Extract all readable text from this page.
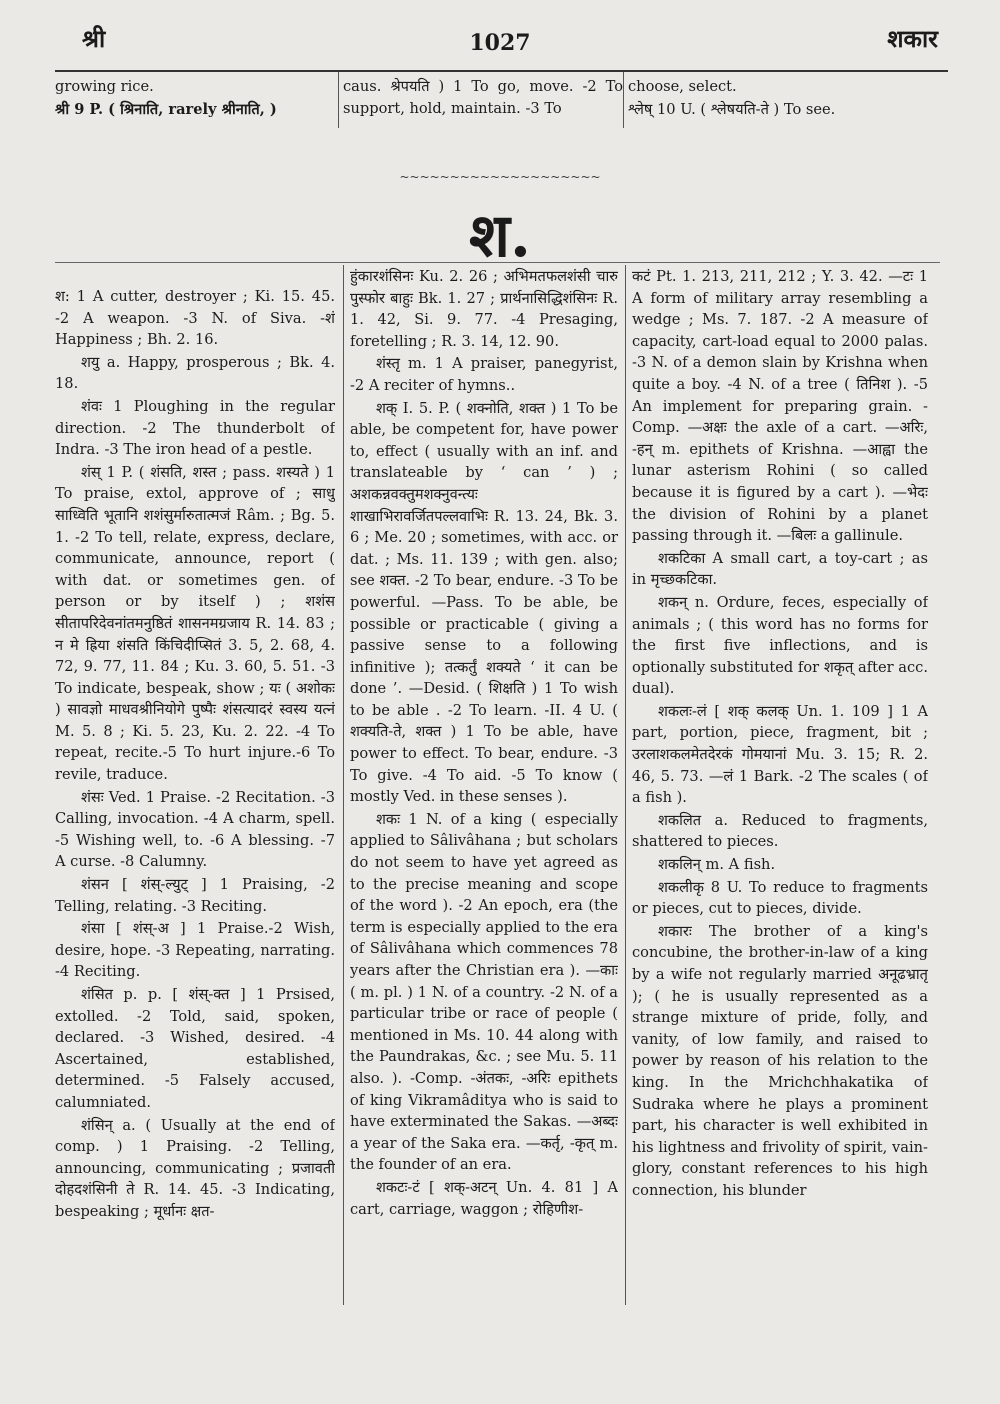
श्री	1027	शकार

growing rice.

श्री 9 P. ( श्रिनाति, rarely श्रीनाति, )

caus. श्रेपयति ) 1 To go, move. -2 To support, hold, maintain. -3 To

choose, select.

श्लेष् 10 U. ( श्लेषयति-ते ) To see.

~~~~~~~~~~~~~~~~~~~~
श.

श: 1 A cutter, destroyer ; Ki. 15. 45. -2 A weapon. -3 N. of Siva. -शं Happiness ; Bh. 2. 16.

शयु a. Happy, prosperous ; Bk. 4. 18.

शंवः 1 Ploughing in the regular direction. -2 The thunderbolt of Indra. -3 The iron head of a pestle.

शंस् 1 P. ( शंसति, शस्त ; pass. शस्यते ) 1 To praise, extol, approve of ; साधु साध्विति भूतानि शशंसुर्मारुतात्मजं Râm. ; Bg. 5. 1. -2 To tell, relate, express, declare, communicate, announce, report ( with dat. or sometimes gen. of person or by itself ) ; शशंस सीतापरिदेवनांतमनुष्ठितं शासनमग्रजाय R. 14. 83 ; न मे ह्रिया शंसति किंचिदीप्सितं 3. 5, 2. 68, 4. 72, 9. 77, 11. 84 ; Ku. 3. 60, 5. 51. -3 To indicate, bespeak, show ; यः ( अशोकः ) सावज्ञो माधवश्रीनियोगे पुष्पैः शंसत्यादरं स्वस्य यत्नं M. 5. 8 ; Ki. 5. 23, Ku. 2. 22. -4 To repeat, recite.-5 To hurt injure.-6 To revile, traduce.

शंसः Ved. 1 Praise. -2 Recitation. -3 Calling, invocation. -4 A charm, spell. -5 Wishing well, to. -6 A blessing. -7 A curse. -8 Calumny.

शंसन [ शंस्-ल्युट् ] 1 Praising, -2 Telling, relating. -3 Reciting.

शंसा [ शंस्-अ ] 1 Praise.-2 Wish, desire, hope. -3 Repeating, narrating. -4 Reciting.

शंसित p. p. [ शंस्-क्त ] 1 Prsised, extolled. -2 Told, said, spoken, declared. -3 Wished, desired. -4 Ascertained, established, determined. -5 Falsely accused, calumniated.

शंसिन् a. ( Usually at the end of comp. ) 1 Praising. -2 Telling, announcing, communicating ; प्रजावती दोहदशंसिनी ते R. 14. 45. -3 Indicating, bespeaking ; मूर्धानः क्षत-

हुंकारशंसिनः Ku. 2. 26 ; अभिमतफलशंसी चारु पुस्फोर बाहुः Bk. 1. 27 ; प्रार्थनासिद्धिशंसिनः R. 1. 42, Si. 9. 77. -4 Presaging, foretelling ; R. 3. 14, 12. 90.

शंस्तृ m. 1 A praiser, panegyrist, -2 A reciter of hymns..

शक् I. 5. P. ( शक्नोति, शक्त ) 1 To be able, be competent for, have power to, effect ( usually with an inf. and translateable by ‘ can ’ ) ; अशकन्नवक्तुमशक्नुवन्त्यः शाखाभिरावर्जितपल्लवाभिः R. 13. 24, Bk. 3. 6 ; Me. 20 ; sometimes, with acc. or dat. ; Ms. 11. 139 ; with gen. also; see शक्त. -2 To bear, endure. -3 To be powerful. —Pass. To be able, be possible or practicable ( giving a passive sense to a following infinitive ); तत्कर्तुं शक्यते ‘ it can be done ’. —Desid. ( शिक्षति ) 1 To wish to be able . -2 To learn. -II. 4 U. ( शक्यति-ते, शक्त ) 1 To be able, have power to effect. To bear, endure. -3 To give. -4 To aid. -5 To know ( mostly Ved. in these senses ).

शकः 1 N. of a king ( especially applied to Sâlivâhana ; but scholars do not seem to have yet agreed as to the precise meaning and scope of the word ). -2 An epoch, era (the term is especially applied to the era of Sâlivâhana which commences 78 years after the Christian era ). —काः ( m. pl. ) 1 N. of a country. -2 N. of a particular tribe or race of people ( mentioned in Ms. 10. 44 along with the Paundrakas, &c. ; see Mu. 5. 11 also. ). -Comp. -अंतकः, -अरिः epithets of king Vikramâditya who is said to have exterminated the Sakas. —अब्दः a year of the Saka era. —कर्तृ, -कृत् m. the founder of an era.

शकटः-टं [ शक्-अटन् Un. 4. 81 ] A cart, carriage, waggon ; रोहिणीश-

कटं Pt. 1. 213, 211, 212 ; Y. 3. 42. —टः 1 A form of military array resembling a wedge ; Ms. 7. 187. -2 A measure of capacity, cart-load equal to 2000 palas. -3 N. of a demon slain by Krishna when quite a boy. -4 N. of a tree ( तिनिश ). -5 An implement for preparing grain. -Comp. —अक्षः the axle of a cart. —अरिः, -हन् m. epithets of Krishna. —आह्वा the lunar asterism Rohini ( so called because it is figured by a cart ). —भेदः the division of Rohini by a planet passing through it. —बिलः a gallinule.

शकटिका A small cart, a toy-cart ; as in मृच्छकटिका.

शकन् n. Ordure, feces, especially of animals ; ( this word has no forms for the first five inflections, and is optionally substituted for शकृत् after acc. dual).

शकलः-लं [ शक् कलक् Un. 1. 109 ] 1 A part, portion, piece, fragment, bit ; उरलाशकलमेतदेरकं गोमयानां Mu. 3. 15; R. 2. 46, 5. 73. —लं 1 Bark. -2 The scales ( of a fish ).

शकलित a. Reduced to fragments, shattered to pieces.

शकलिन् m. A fish.

शकलीकृ 8 U. To reduce to fragments or pieces, cut to pieces, divide.

शकारः The brother of a king's concubine, the brother-in-law of a king by a wife not regularly married अनूढभ्रातृ ); ( he is usually represented as a strange mixture of pride, folly, and vanity, of low family, and raised to power by reason of his relation to the king. In the Mrichchhakatika of Sudraka where he plays a prominent part, his character is well exhibited in his lightness and frivolity of spirit, vain-glory, constant references to his high connection, his blunder
